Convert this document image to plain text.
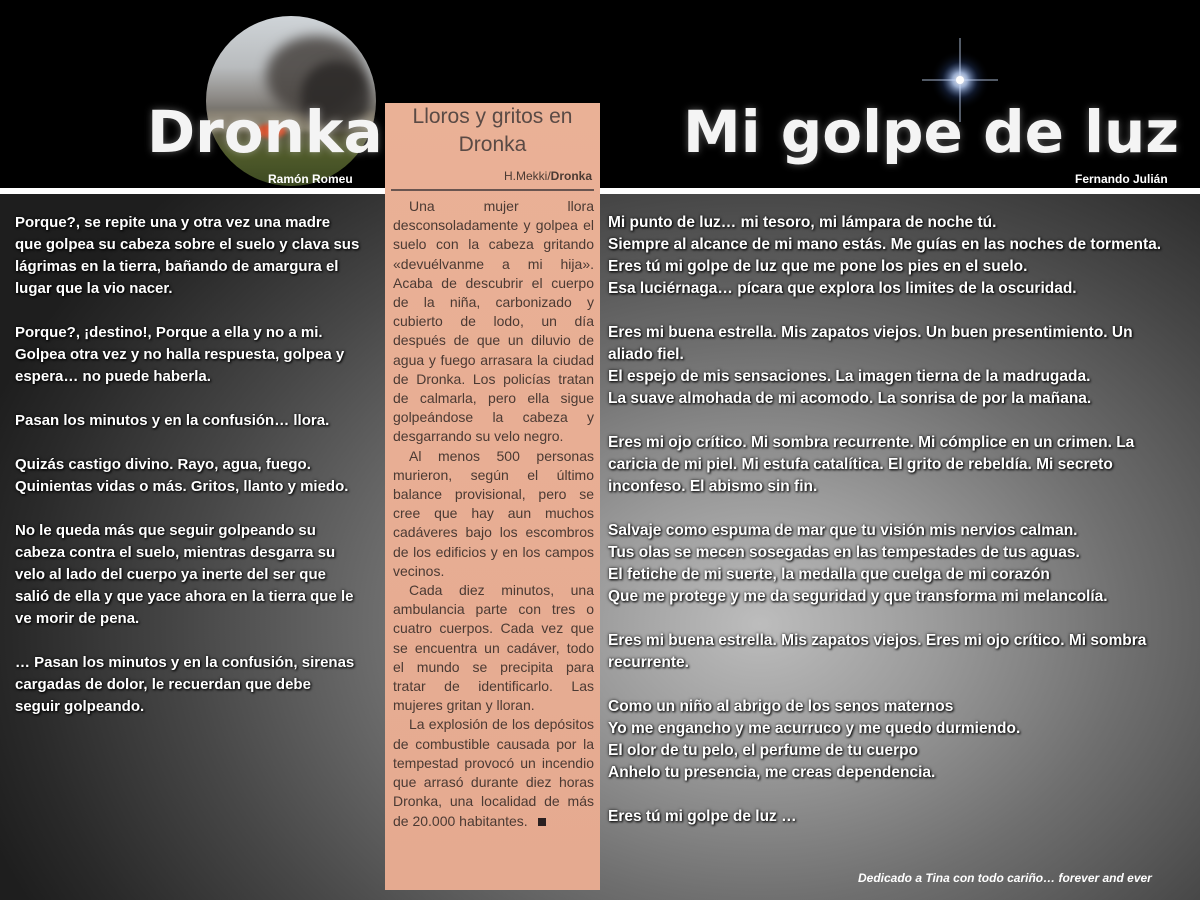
Dronka
Ramón Romeu
Mi golpe de luz
Fernando Julián

Porque?, se repite una y otra vez una madre

que golpea su cabeza sobre el suelo y clava sus

lágrimas en la tierra, bañando de amargura el

lugar que la vio nacer.

Porque?, ¡destino!, Porque a ella y no a mi.

Golpea otra vez y no halla respuesta, golpea y

espera… no puede haberla.

Pasan los minutos y en la confusión… llora.

Quizás castigo divino. Rayo, agua, fuego.

Quinientas vidas o más. Gritos, llanto y miedo.

No le queda más que seguir golpeando su

cabeza contra el suelo, mientras desgarra su

velo al lado del cuerpo ya inerte del ser que

salió de ella y que yace ahora en la tierra que le

ve morir de pena.

… Pasan los minutos y en la confusión, sirenas

cargadas de dolor, le recuerdan que debe

seguir golpeando.

Lloros y gritos en
Dronka
H.Mekki/Dronka

Una mujer llora desconsoladamente y golpea el suelo con la cabeza gritando «devuélvanme a mi hija». Acaba de descubrir el cuerpo de la niña, carbonizado y cubierto de lodo, un día después de que un diluvio de agua y fuego arrasara la ciudad de Dronka. Los policías tratan de calmarla, pero ella sigue golpeándose la cabeza y desgarrando su velo negro.

Al menos 500 personas murieron, según el último balance provisional, pero se cree que hay aun muchos cadáveres bajo los escombros de los edificios y en los campos vecinos.

Cada diez minutos, una ambulancia parte con tres o cuatro cuerpos. Cada vez que se encuentra un cadáver, todo el mundo se precipita para tratar de identificarlo. Las mujeres gritan y lloran.

La explosión de los depósitos de combustible causada por la tempestad provocó un incendio que arrasó durante diez horas Dronka, una localidad de más de 20.000 habitantes.

Mi punto de luz… mi tesoro, mi lámpara de noche tú.

Siempre al alcance de mi mano estás. Me guías en las noches de tormenta.

Eres tú mi golpe de luz que me pone los pies en el suelo.

Esa luciérnaga… pícara que explora los limites de la oscuridad.

Eres mi buena estrella. Mis zapatos viejos. Un buen presentimiento. Un

aliado fiel.

El espejo de mis sensaciones. La imagen tierna de la madrugada.

La suave almohada de mi acomodo. La sonrisa de por la mañana.

Eres mi ojo crítico. Mi sombra recurrente. Mi cómplice en un crimen. La

caricia de mi piel. Mi estufa catalítica. El grito de rebeldía. Mi secreto

inconfeso. El abismo sin fin.

Salvaje como espuma de mar que tu visión mis nervios calman.

Tus olas se mecen sosegadas en las tempestades de tus aguas.

El fetiche de mi suerte, la medalla que cuelga de mi corazón

Que me protege y me da seguridad y que transforma mi melancolía.

Eres mi buena estrella. Mis zapatos viejos. Eres mi ojo crítico. Mi sombra

recurrente.

Como un niño al abrigo de los senos maternos

Yo me engancho y me acurruco y me quedo durmiendo.

El olor de tu pelo, el perfume de tu cuerpo

Anhelo tu presencia, me creas dependencia.

Eres tú mi golpe de luz …

Dedicado a Tina con todo cariño… forever and ever
